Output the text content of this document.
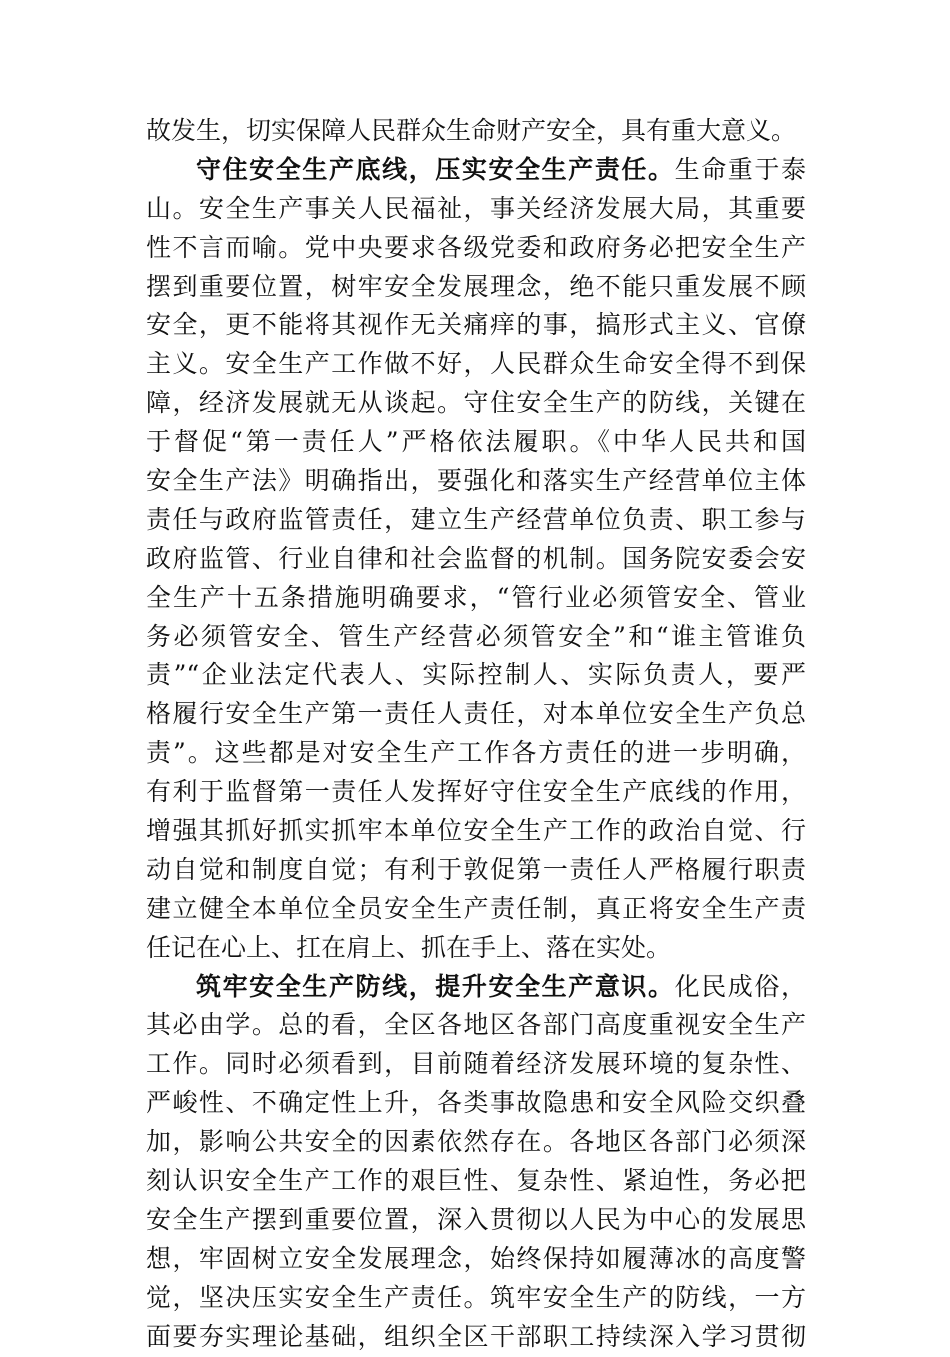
故发生，切实保障人民群众生命财产安全，具有重大意义。
守住安全生产底线，压实安全生产责任。生命重于泰
山。安全生产事关人民福祉，事关经济发展大局，其重要
性不言而喻。党中央要求各级党委和政府务必把安全生产
摆到重要位置，树牢安全发展理念，绝不能只重发展不顾
安全，更不能将其视作无关痛痒的事，搞形式主义、官僚
主义。安全生产工作做不好，人民群众生命安全得不到保
障，经济发展就无从谈起。守住安全生产的防线，关键在
于督促“第一责任人”严格依法履职。《中华人民共和国
安全生产法》明确指出，要强化和落实生产经营单位主体
责任与政府监管责任，建立生产经营单位负责、职工参与
政府监管、行业自律和社会监督的机制。国务院安委会安
全生产十五条措施明确要求，“管行业必须管安全、管业
务必须管安全、管生产经营必须管安全”和“谁主管谁负
责”“企业法定代表人、实际控制人、实际负责人，要严
格履行安全生产第一责任人责任，对本单位安全生产负总
责”。这些都是对安全生产工作各方责任的进一步明确，
有利于监督第一责任人发挥好守住安全生产底线的作用，
增强其抓好抓实抓牢本单位安全生产工作的政治自觉、行
动自觉和制度自觉；有利于敦促第一责任人严格履行职责
建立健全本单位全员安全生产责任制，真正将安全生产责
任记在心上、扛在肩上、抓在手上、落在实处。
筑牢安全生产防线，提升安全生产意识。化民成俗，
其必由学。总的看，全区各地区各部门高度重视安全生产
工作。同时必须看到，目前随着经济发展环境的复杂性、
严峻性、不确定性上升，各类事故隐患和安全风险交织叠
加，影响公共安全的因素依然存在。各地区各部门必须深
刻认识安全生产工作的艰巨性、复杂性、紧迫性，务必把
安全生产摆到重要位置，深入贯彻以人民为中心的发展思
想，牢固树立安全发展理念，始终保持如履薄冰的高度警
觉，坚决压实安全生产责任。筑牢安全生产的防线，一方
面要夯实理论基础，组织全区干部职工持续深入学习贯彻
